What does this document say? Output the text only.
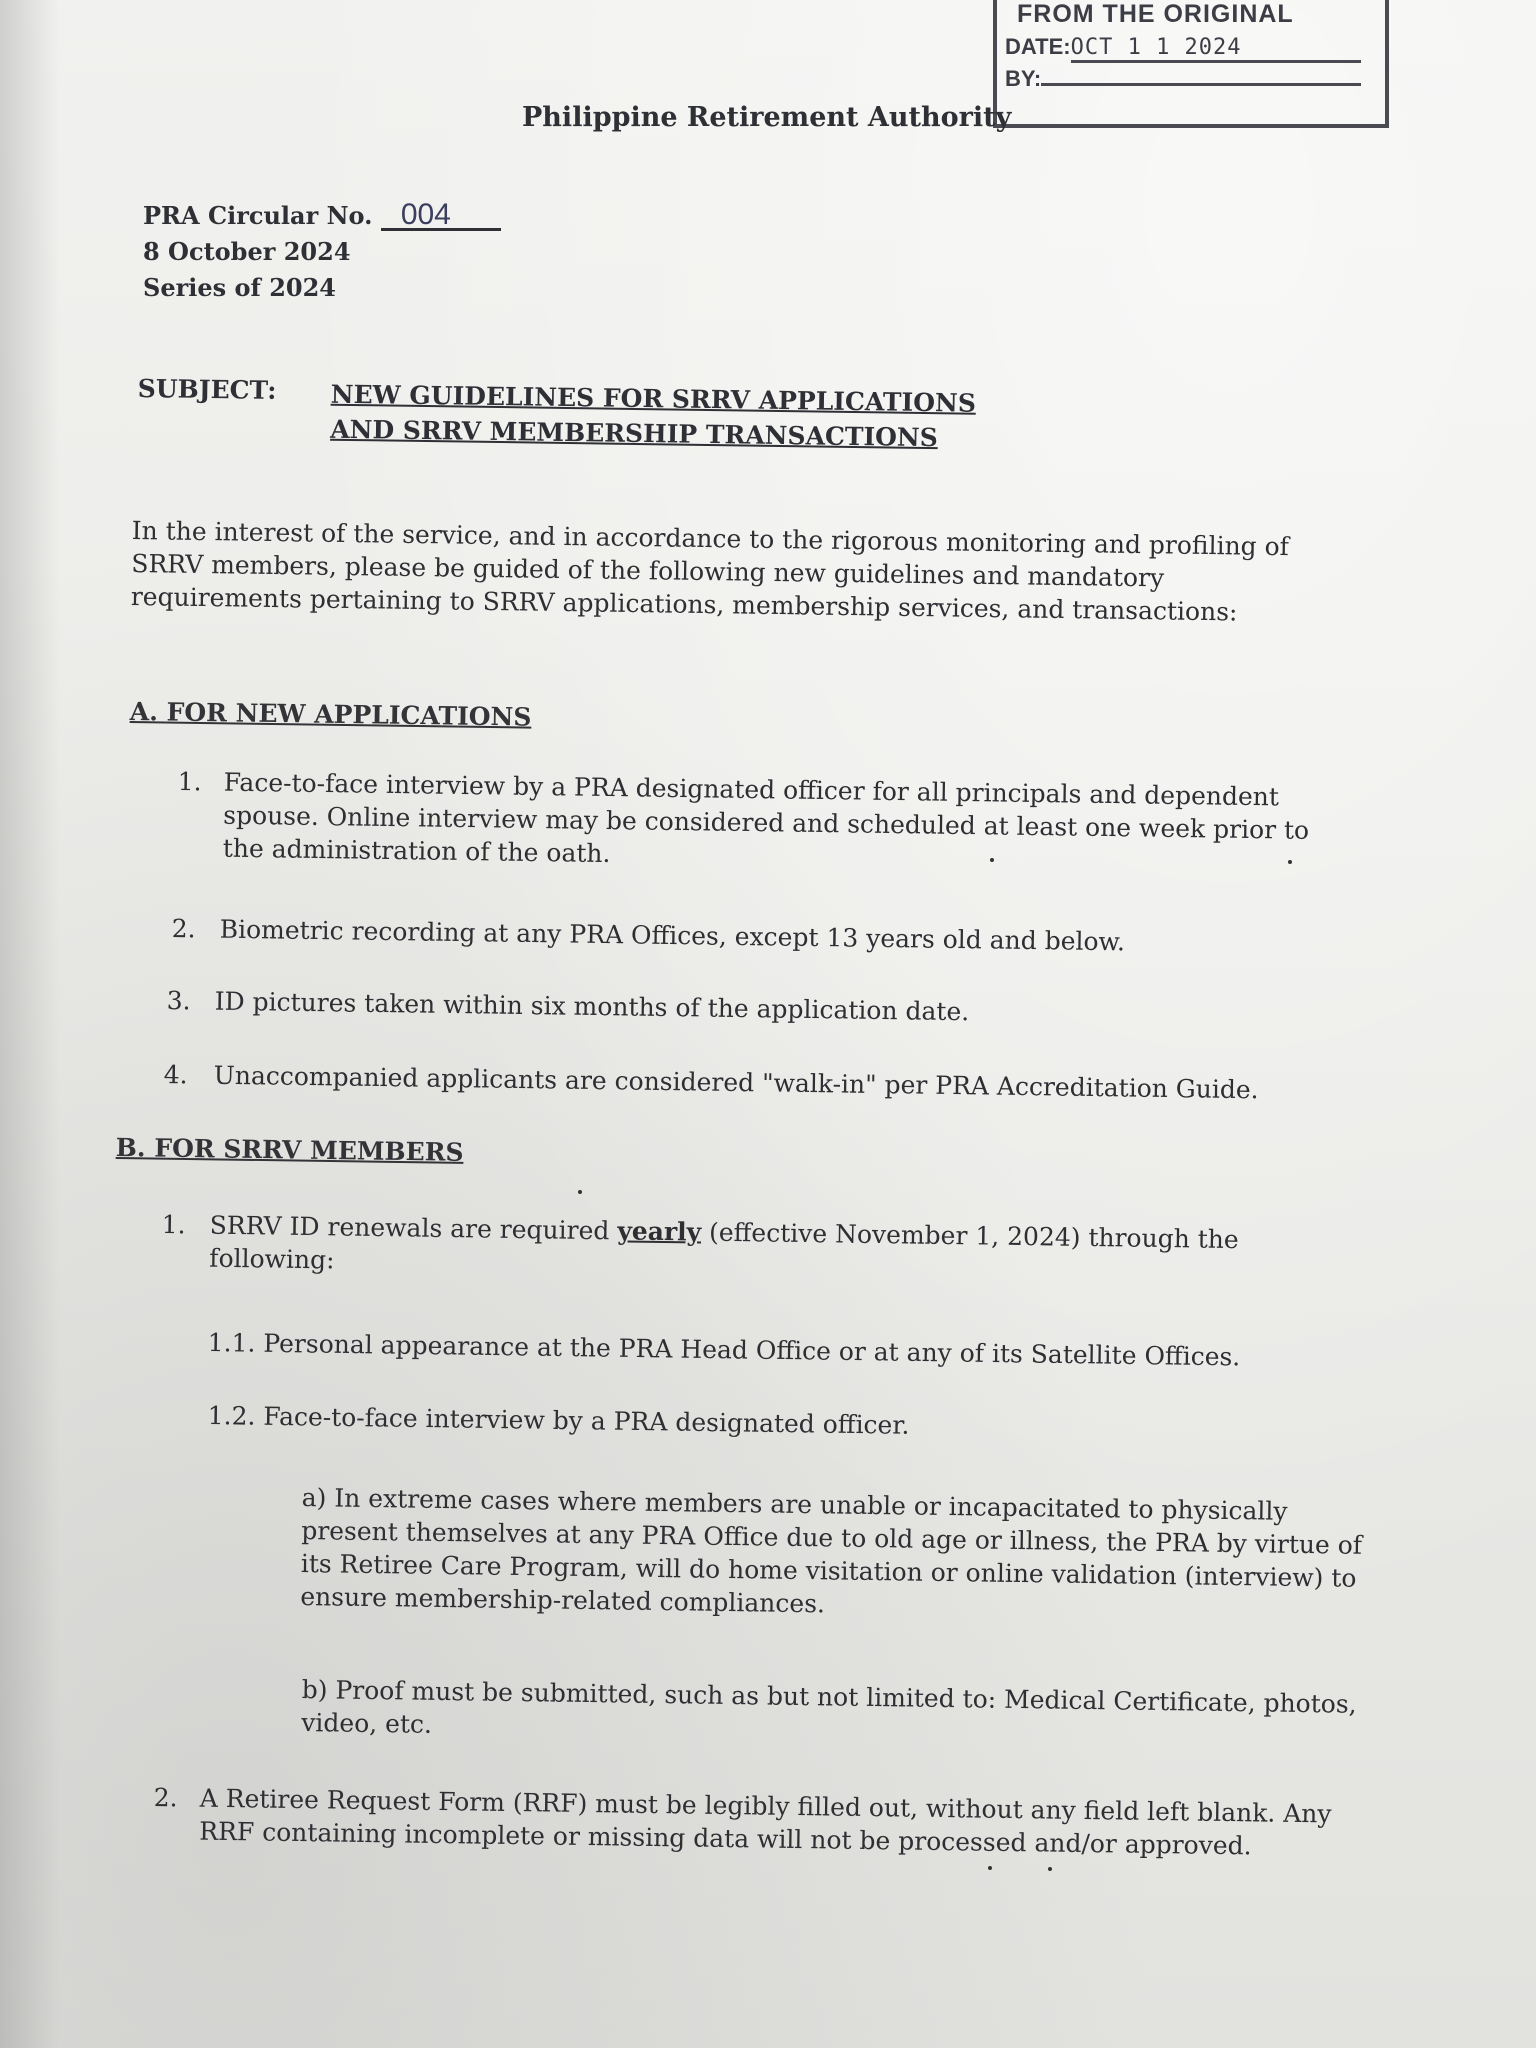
FROM THE ORIGINAL
DATE:OCT 1 1 2024
BY:
Philippine Retirement Authority
PRA Circular No. 004
8 October 2024
Series of 2024
SUBJECT: NEW GUIDELINES FOR SRRV APPLICATIONS
AND SRRV MEMBERSHIP TRANSACTIONS
In the interest of the service, and in accordance to the rigorous monitoring and profiling of SRRV members, please be guided of the following new guidelines and mandatory requirements pertaining to SRRV applications, membership services, and transactions:
A. FOR NEW APPLICATIONS
1. Face-to-face interview by a PRA designated officer for all principals and dependent spouse. Online interview may be considered and scheduled at least one week prior to the administration of the oath.
2. Biometric recording at any PRA Offices, except 13 years old and below.
3. ID pictures taken within six months of the application date.
4. Unaccompanied applicants are considered "walk-in" per PRA Accreditation Guide.
B. FOR SRRV MEMBERS
1. SRRV ID renewals are required yearly (effective November 1, 2024) through the following:
1.1. Personal appearance at the PRA Head Office or at any of its Satellite Offices.
1.2. Face-to-face interview by a PRA designated officer.
a) In extreme cases where members are unable or incapacitated to physically present themselves at any PRA Office due to old age or illness, the PRA by virtue of its Retiree Care Program, will do home visitation or online validation (interview) to ensure membership-related compliances.
b) Proof must be submitted, such as but not limited to: Medical Certificate, photos, video, etc.
2. A Retiree Request Form (RRF) must be legibly filled out, without any field left blank. Any RRF containing incomplete or missing data will not be processed and/or approved.
